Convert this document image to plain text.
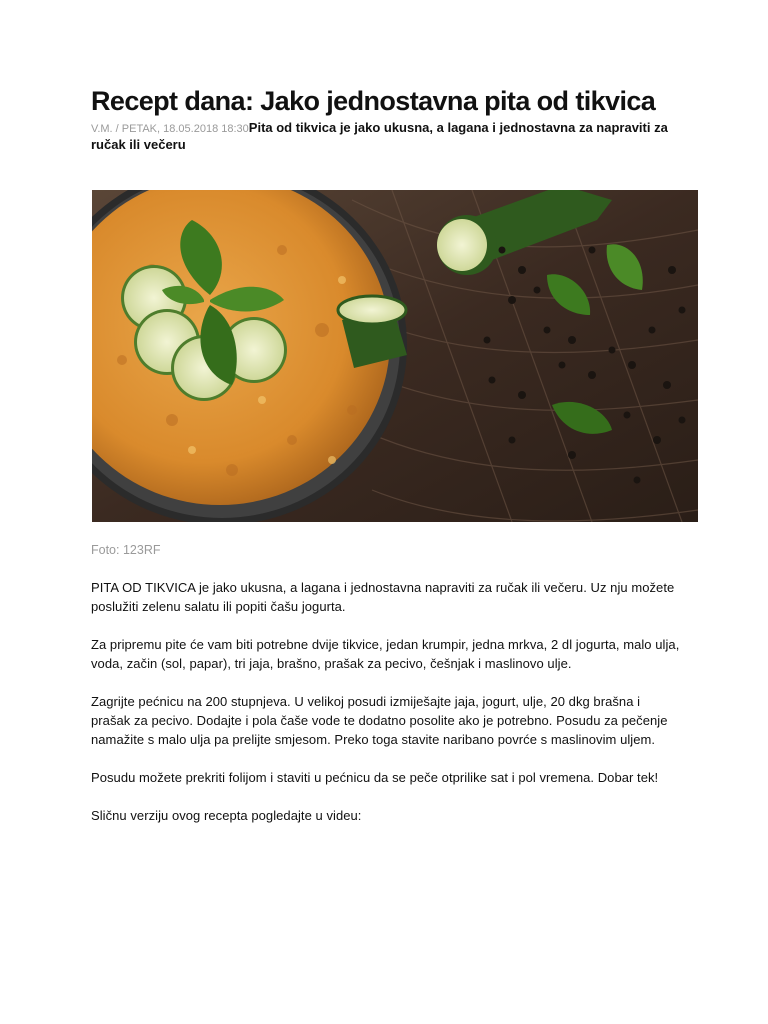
Recept dana: Jako jednostavna pita od tikvica
V.M. / PETAK, 18.05.2018 18:30Pita od tikvica je jako ukusna, a lagana i jednostavna za napraviti za ručak ili večeru
Foto: 123RF

PITA OD TIKVICA je jako ukusna, a lagana i jednostavna napraviti za ručak ili večeru. Uz nju možete poslužiti zelenu salatu ili popiti čašu jogurta.

Za pripremu pite će vam biti potrebne dvije tikvice, jedan krumpir, jedna mrkva, 2 dl jogurta, malo ulja, voda, začin (sol, papar), tri jaja, brašno, prašak za pecivo, češnjak i maslinovo ulje.

Zagrijte pećnicu na 200 stupnjeva. U velikoj posudi izmiješajte jaja, jogurt, ulje, 20 dkg brašna i prašak za pecivo. Dodajte i pola čaše vode te dodatno posolite ako je potrebno. Posudu za pečenje namažite s malo ulja pa prelijte smjesom. Preko toga stavite naribano povrće s maslinovim uljem.

Posudu možete prekriti folijom i staviti u pećnicu da se peče otprilike sat i pol vremena. Dobar tek!

Sličnu verziju ovog recepta pogledajte u videu:
